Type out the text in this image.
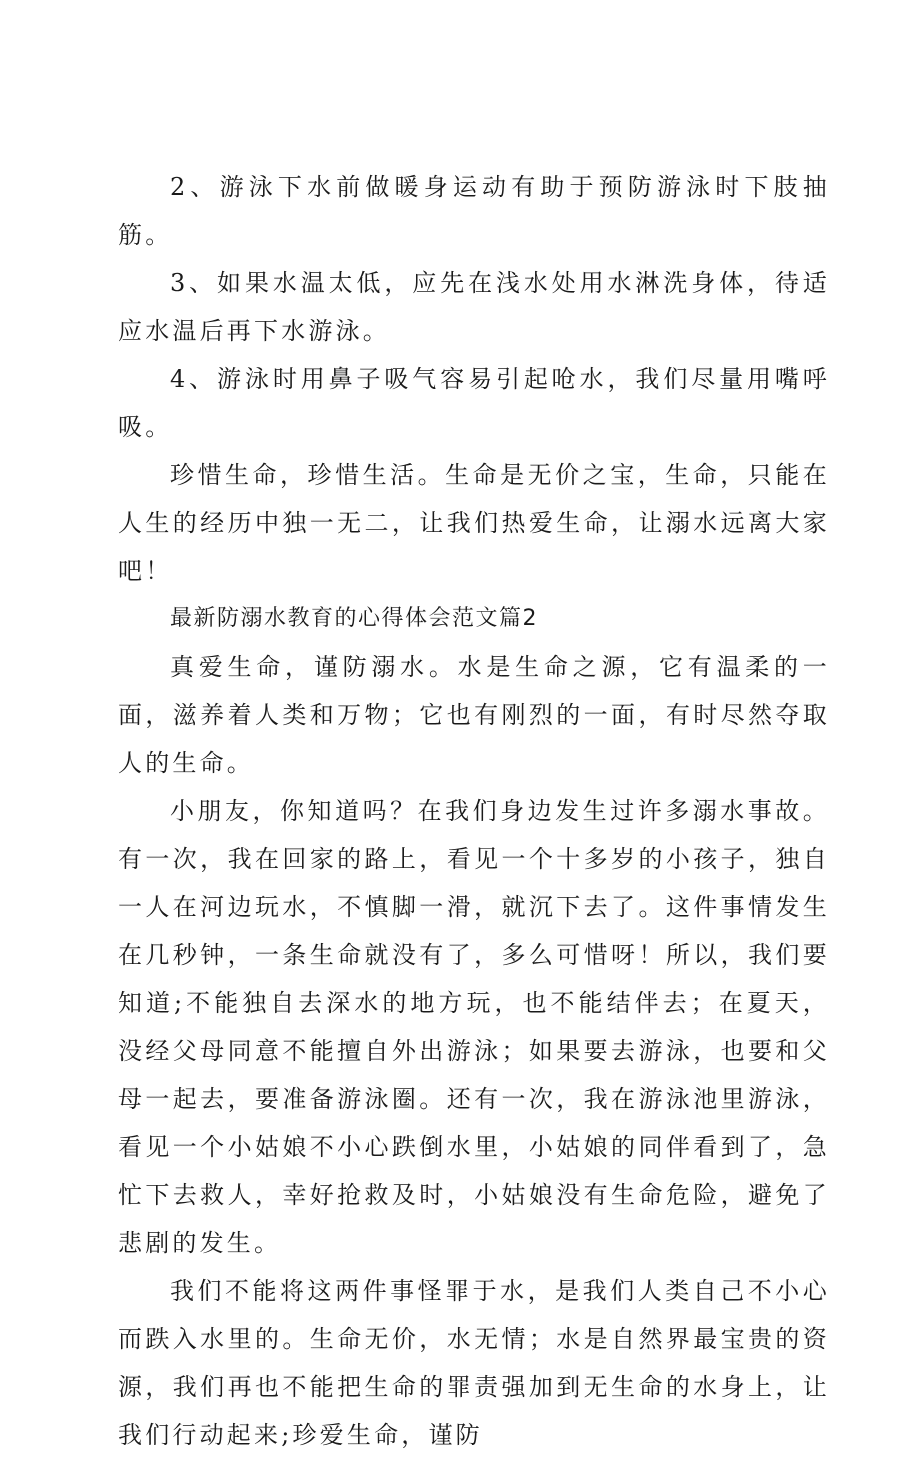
2、游泳下水前做暖身运动有助于预防游泳时下肢抽筋。

3、如果水温太低，应先在浅水处用水淋洗身体，待适应水温后再下水游泳。

4、游泳时用鼻子吸气容易引起呛水，我们尽量用嘴呼吸。

珍惜生命，珍惜生活。生命是无价之宝，生命，只能在人生的经历中独一无二，让我们热爱生命，让溺水远离大家吧！

最新防溺水教育的心得体会范文篇2

真爱生命，谨防溺水。水是生命之源，它有温柔的一面，滋养着人类和万物；它也有刚烈的一面，有时尽然夺取人的生命。

小朋友，你知道吗？在我们身边发生过许多溺水事故。有一次，我在回家的路上，看见一个十多岁的小孩子，独自一人在河边玩水，不慎脚一滑，就沉下去了。这件事情发生在几秒钟，一条生命就没有了，多么可惜呀！所以，我们要知道;不能独自去深水的地方玩，也不能结伴去；在夏天，没经父母同意不能擅自外出游泳；如果要去游泳，也要和父母一起去，要准备游泳圈。还有一次，我在游泳池里游泳，看见一个小姑娘不小心跌倒水里，小姑娘的同伴看到了，急忙下去救人，幸好抢救及时，小姑娘没有生命危险，避免了悲剧的发生。

我们不能将这两件事怪罪于水，是我们人类自己不小心而跌入水里的。生命无价，水无情；水是自然界最宝贵的资源，我们再也不能把生命的罪责强加到无生命的水身上，让我们行动起来;珍爱生命，谨防
